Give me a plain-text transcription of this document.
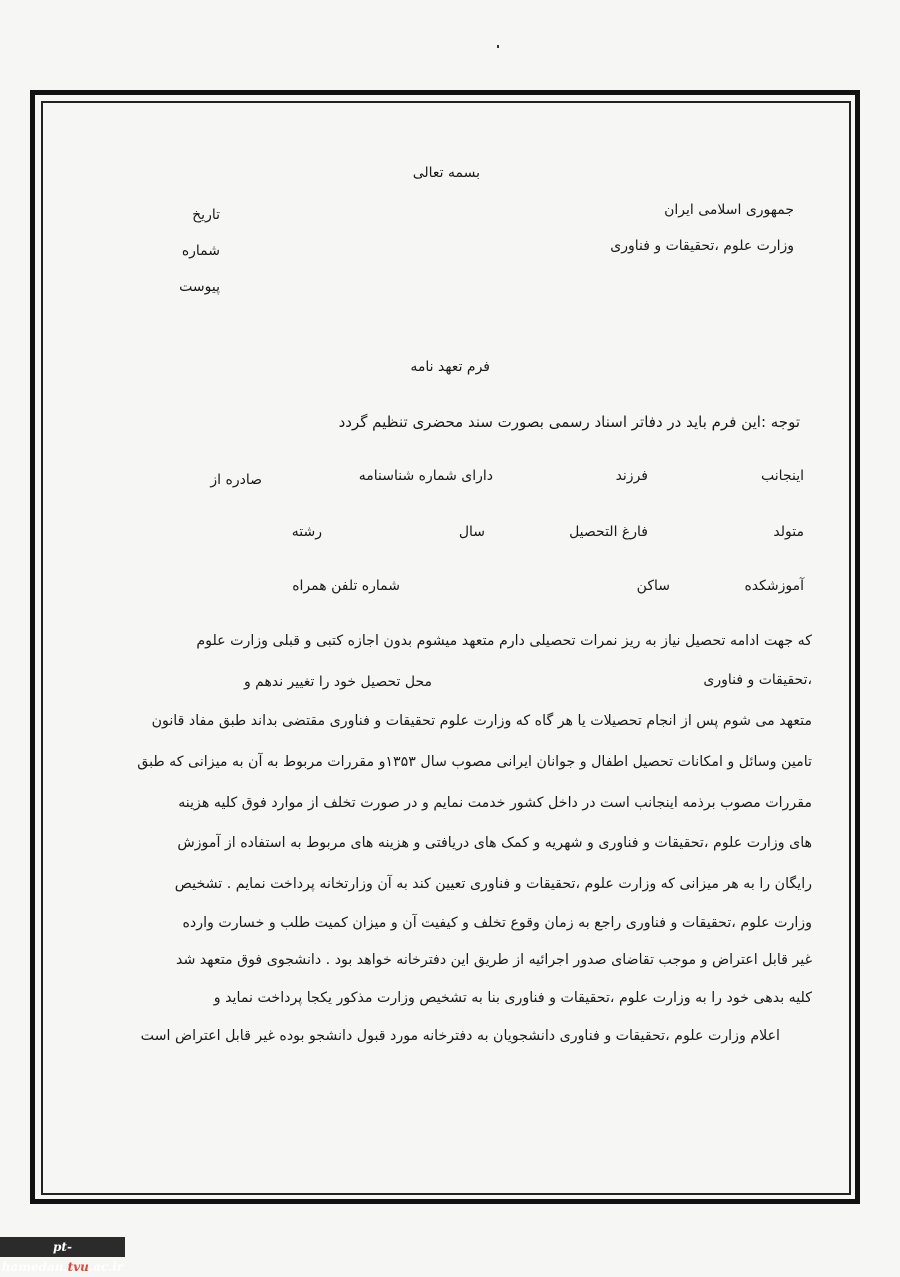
بسمه تعالی
جمهوری اسلامی ایران
وزارت علوم ،تحقیقات و فناوری
تاریخ
شماره
پیوست
فرم تعهد نامه
توجه :این فرم باید در دفاتر اسناد رسمی بصورت سند محضری تنظیم گردد
اینجانب
فرزند
دارای شماره شناسنامه
صادره از
متولد
فارغ التحصیل
سال
رشته
آموزشکده
ساکن
شماره تلفن همراه
که جهت ادامه تحصیل نیاز به ریز نمرات تحصیلی دارم متعهد میشوم بدون اجازه کتبی و قبلی وزارت علوم
،تحقیقات و فناوری
محل تحصیل خود را تغییر ندهم و
متعهد می شوم پس از انجام تحصیلات یا هر گاه که وزارت علوم تحقیقات و فناوری مقتضی بداند طبق مفاد قانون
تامین وسائل و امکانات تحصیل اطفال و جوانان ایرانی مصوب سال ۱۳۵۳و مقررات مربوط به آن به میزانی که طبق
مقررات مصوب برذمه اینجانب است در داخل کشور خدمت نمایم و در صورت تخلف از موارد فوق کلیه هزینه
های وزارت علوم ،تحقیقات و فناوری و شهریه و کمک های دریافتی و هزینه های مربوط به استفاده از آموزش
رایگان را به هر میزانی که وزارت علوم ،تحقیقات و فناوری تعیین کند به آن وزارتخانه پرداخت نمایم . تشخیص
وزارت علوم ،تحقیقات و فناوری راجع به زمان وقوع تخلف و کیفیت آن و میزان کمیت طلب و خسارت وارده
غیر قابل اعتراض و موجب تقاضای صدور اجرائیه از طریق این دفترخانه خواهد بود . دانشجوی فوق متعهد شد
کلیه بدهی خود را به وزارت علوم ،تحقیقات و فناوری بنا به تشخیص وزارت مذکور یکجا پرداخت نماید و
اعلام وزارت علوم ،تحقیقات و فناوری دانشجویان به دفترخانه مورد قبول دانشجو بوده غیر قابل اعتراض است
pt-hamedan.tvu.ac.ir
